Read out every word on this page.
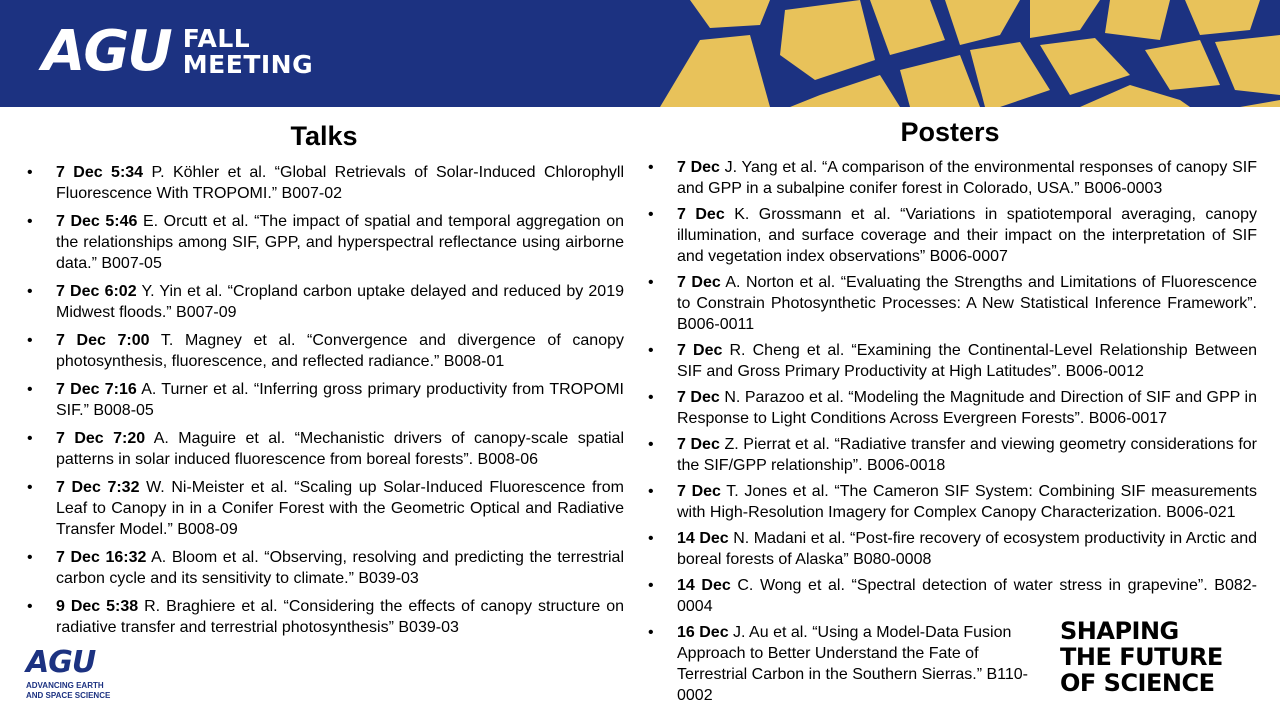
AGU FALL
MEETING
Talks
• 7 Dec 5:34 P. Köhler et al. “Global Retrievals of Solar-Induced Chlorophyll Fluorescence With TROPOMI.” B007-02
• 7 Dec 5:46 E. Orcutt et al. “The impact of spatial and temporal aggregation on the relationships among SIF, GPP, and hyperspectral reflectance using airborne data.” B007-05
• 7 Dec 6:02 Y. Yin et al. “Cropland carbon uptake delayed and reduced by 2019 Midwest floods.” B007-09
• 7 Dec 7:00 T. Magney et al. “Convergence and divergence of canopy photosynthesis, fluorescence, and reflected radiance.” B008-01
• 7 Dec 7:16 A. Turner et al. “Inferring gross primary productivity from TROPOMI SIF.” B008-05
• 7 Dec 7:20 A. Maguire et al. “Mechanistic drivers of canopy-scale spatial patterns in solar induced fluorescence from boreal forests”. B008-06
• 7 Dec 7:32 W. Ni-Meister et al. “Scaling up Solar-Induced Fluorescence from Leaf to Canopy in in a Conifer Forest with the Geometric Optical and Radiative Transfer Model.” B008-09
• 7 Dec 16:32 A. Bloom et al. “Observing, resolving and predicting the terrestrial carbon cycle and its sensitivity to climate.” B039-03
• 9 Dec 5:38 R. Braghiere et al. “Considering the effects of canopy structure on radiative transfer and terrestrial photosynthesis” B039-03
Posters
• 7 Dec J. Yang et al. “A comparison of the environmental responses of canopy SIF and GPP in a subalpine conifer forest in Colorado, USA.” B006-0003
• 7 Dec K. Grossmann et al. “Variations in spatiotemporal averaging, canopy illumination, and surface coverage and their impact on the interpretation of SIF and vegetation index observations” B006-0007
• 7 Dec A. Norton et al. “Evaluating the Strengths and Limitations of Fluorescence to Constrain Photosynthetic Processes: A New Statistical Inference Framework”. B006-0011
• 7 Dec R. Cheng et al. “Examining the Continental-Level Relationship Between SIF and Gross Primary Productivity at High Latitudes”. B006-0012
• 7 Dec N. Parazoo et al. “Modeling the Magnitude and Direction of SIF and GPP in Response to Light Conditions Across Evergreen Forests”. B006-0017
• 7 Dec Z. Pierrat et al. “Radiative transfer and viewing geometry considerations for the SIF/GPP relationship”. B006-0018
• 7 Dec T. Jones et al. “The Cameron SIF System: Combining SIF measurements with High-Resolution Imagery for Complex Canopy Characterization. B006-021
• 14 Dec N. Madani et al. “Post-fire recovery of ecosystem productivity in Arctic and boreal forests of Alaska” B080-0008
• 14 Dec C. Wong et al. “Spectral detection of water stress in grapevine”. B082-0004
• 16 Dec J. Au et al. “Using a Model-Data Fusion Approach to Better Understand the Fate of Terrestrial Carbon in the Southern Sierras.” B110-0002
AGU
ADVANCING EARTH
AND SPACE SCIENCE
SHAPING
THE FUTURE
OF SCIENCE
